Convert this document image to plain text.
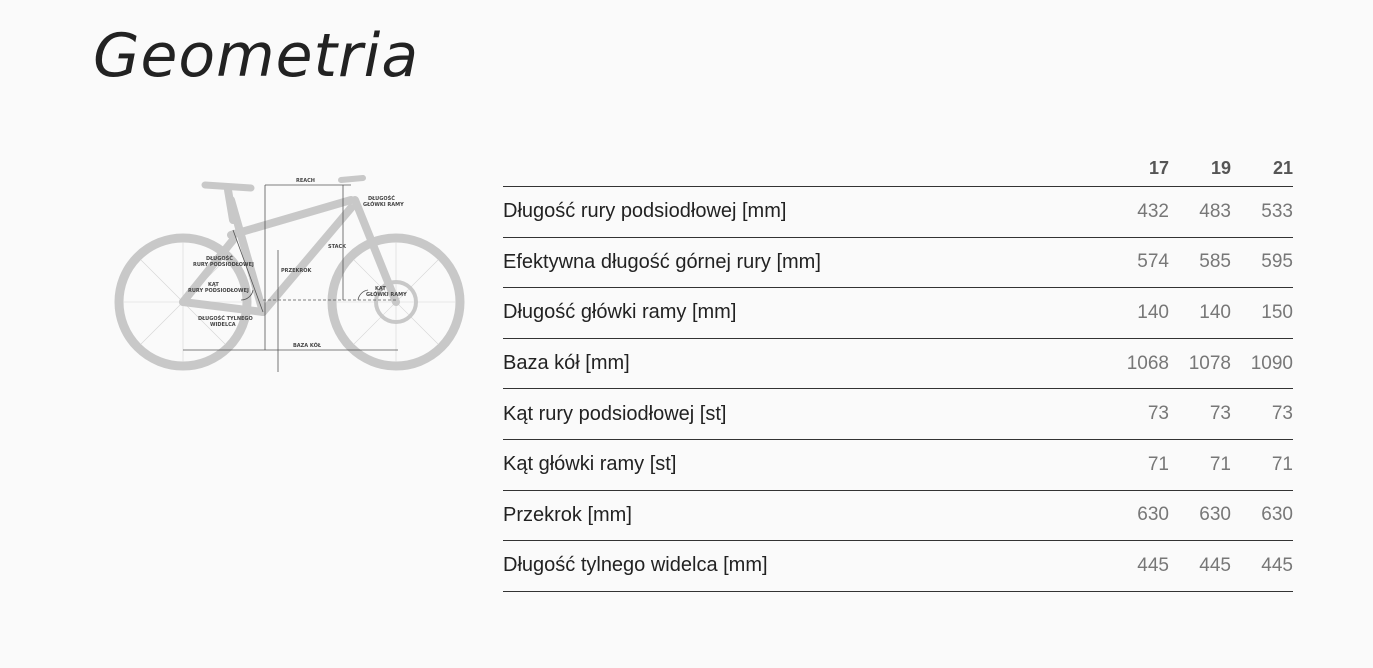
Geometria
REACH
STACK
DŁUGOŚĆ
GŁÓWKI RAMY
DŁUGOŚĆ
RURY PODSIODŁOWEJ
KĄT
RURY PODSIODŁOWEJ
PRZEKROK
KĄT
GŁÓWKI RAMY
DŁUGOŚĆ TYLNEGO
WIDELCA
BAZA KÓŁ
	17	19	21
Długość rury podsiodłowej [mm]	432	483	533
Efektywna długość górnej rury [mm]	574	585	595
Długość główki ramy [mm]	140	140	150
Baza kół [mm]	1068	1078	1090
Kąt rury podsiodłowej [st]	73	73	73
Kąt główki ramy [st]	71	71	71
Przekrok [mm]	630	630	630
Długość tylnego widelca [mm]	445	445	445
